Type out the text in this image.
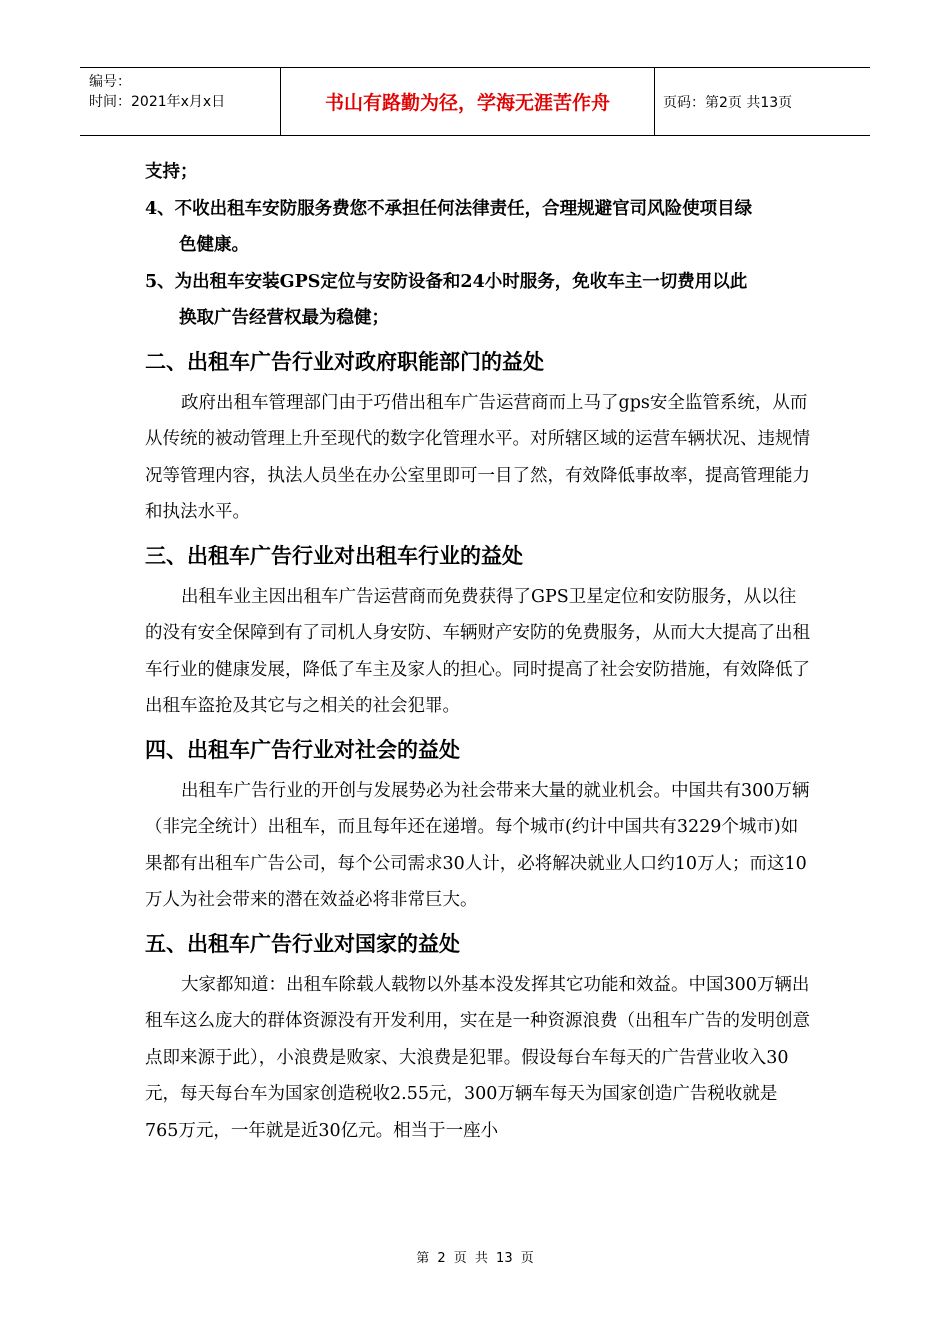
编号：
时间：2021年x月x日	书山有路勤为径，学海无涯苦作舟	页码：第2页 共13页

支持；

4、不收出租车安防服务费您不承担任何法律责任，合理规避官司风险使项目绿

色健康。

5、为出租车安装GPS定位与安防设备和24小时服务，免收车主一切费用以此

换取广告经营权最为稳健；

二、出租车广告行业对政府职能部门的益处

政府出租车管理部门由于巧借出租车广告运营商而上马了gps安全监管系统，从而从传统的被动管理上升至现代的数字化管理水平。对所辖区域的运营车辆状况、违规情况等管理内容，执法人员坐在办公室里即可一目了然，有效降低事故率，提高管理能力和执法水平。

三、出租车广告行业对出租车行业的益处

出租车业主因出租车广告运营商而免费获得了GPS卫星定位和安防服务，从以往的没有安全保障到有了司机人身安防、车辆财产安防的免费服务，从而大大提高了出租车行业的健康发展，降低了车主及家人的担心。同时提高了社会安防措施，有效降低了出租车盗抢及其它与之相关的社会犯罪。

四、出租车广告行业对社会的益处

出租车广告行业的开创与发展势必为社会带来大量的就业机会。中国共有300万辆（非完全统计）出租车，而且每年还在递增。每个城市(约计中国共有3229个城市)如果都有出租车广告公司，每个公司需求30人计，必将解决就业人口约10万人；而这10万人为社会带来的潜在效益必将非常巨大。

五、出租车广告行业对国家的益处

大家都知道：出租车除载人载物以外基本没发挥其它功能和效益。中国300万辆出租车这么庞大的群体资源没有开发利用，实在是一种资源浪费（出租车广告的发明创意点即来源于此），小浪费是败家、大浪费是犯罪。假设每台车每天的广告营业收入30元，每天每台车为国家创造税收2.55元，300万辆车每天为国家创造广告税收就是765万元，一年就是近30亿元。相当于一座小

第 2 页 共 13 页
